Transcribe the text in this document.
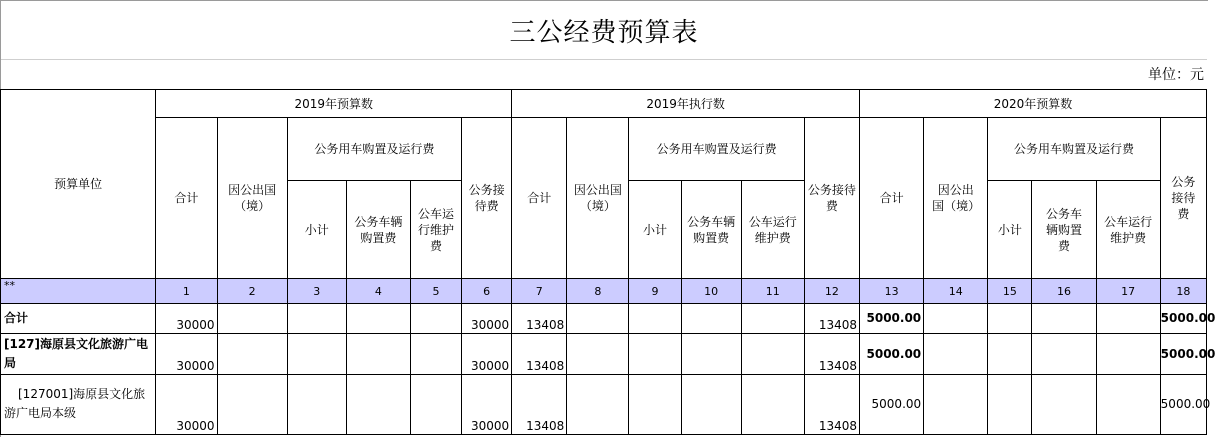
三公经费预算表
单位：元
预算单位	2019年预算数						2019年执行数						2020年预算数					
	合计	因公出国（境）	公务用车购置及运行费			公务接待费	合计	因公出国（境）	公务用车购置及运行费			公务接待费	合计	因公出国（境）	公务用车购置及运行费			公务接待费
			小计	公务车辆购置费	公车运行维护费				小计	公务车辆购置费	公车运行维护费				小计	公务车辆购置费	公车运行维护费	
**	1	2	3	4	5	6	7	8	9	10	11	12	13	14	15	16	17	18
合计	30000					30000	13408					13408	5000.00					5000.00
[127]海原县文化旅游广电局	30000					30000	13408					13408	5000.00					5000.00
[127001]海原县文化旅游广电局本级	30000					30000	13408					13408	5000.00					5000.00
